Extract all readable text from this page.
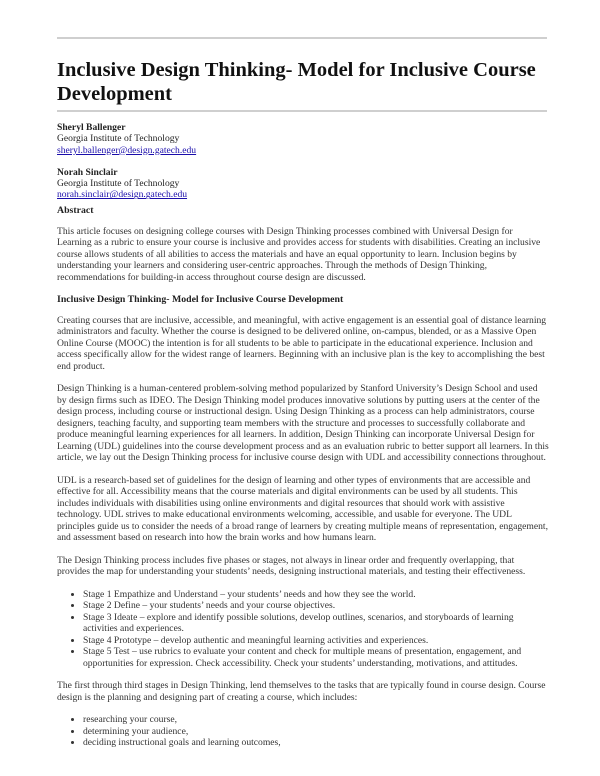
Inclusive Design Thinking- Model for Inclusive Course Development
Sheryl Ballenger
Georgia Institute of Technology
sheryl.ballenger@design.gatech.edu
Norah Sinclair
Georgia Institute of Technology
norah.sinclair@design.gatech.edu
Abstract

This article focuses on designing college courses with Design Thinking processes combined with Universal Design for Learning as a rubric to ensure your course is inclusive and provides access for students with disabilities. Creating an inclusive course allows students of all abilities to access the materials and have an equal opportunity to learn. Inclusion begins by understanding your learners and considering user-centric approaches. Through the methods of Design Thinking, recommendations for building-in access throughout course design are discussed.

Inclusive Design Thinking- Model for Inclusive Course Development

Creating courses that are inclusive, accessible, and meaningful, with active engagement is an essential goal of distance learning administrators and faculty. Whether the course is designed to be delivered online, on-campus, blended, or as a Massive Open Online Course (MOOC) the intention is for all students to be able to participate in the educational experience. Inclusion and access specifically allow for the widest range of learners. Beginning with an inclusive plan is the key to accomplishing the best end product.

Design Thinking is a human-centered problem-solving method popularized by Stanford University’s Design School and used by design firms such as IDEO. The Design Thinking model produces innovative solutions by putting users at the center of the design process, including course or instructional design. Using Design Thinking as a process can help administrators, course designers, teaching faculty, and supporting team members with the structure and processes to successfully collaborate and produce meaningful learning experiences for all learners. In addition, Design Thinking can incorporate Universal Design for Learning (UDL) guidelines into the course development process and as an evaluation rubric to better support all learners. In this article, we lay out the Design Thinking process for inclusive course design with UDL and accessibility connections throughout.

UDL is a research-based set of guidelines for the design of learning and other types of environments that are accessible and effective for all. Accessibility means that the course materials and digital environments can be used by all students. This includes individuals with disabilities using online environments and digital resources that should work with assistive technology. UDL strives to make educational environments welcoming, accessible, and usable for everyone. The UDL principles guide us to consider the needs of a broad range of learners by creating multiple means of representation, engagement, and assessment based on research into how the brain works and how humans learn.

The Design Thinking process includes five phases or stages, not always in linear order and frequently overlapping, that provides the map for understanding your students’ needs, designing instructional materials, and testing their effectiveness.

• Stage 1 Empathize and Understand – your students’ needs and how they see the world.
• Stage 2 Define – your students’ needs and your course objectives.
• Stage 3 Ideate – explore and identify possible solutions, develop outlines, scenarios, and storyboards of learning activities and experiences.
• Stage 4 Prototype – develop authentic and meaningful learning activities and experiences.
• Stage 5 Test – use rubrics to evaluate your content and check for multiple means of presentation, engagement, and opportunities for expression. Check accessibility. Check your students’ understanding, motivations, and attitudes.

The first through third stages in Design Thinking, lend themselves to the tasks that are typically found in course design. Course design is the planning and designing part of creating a course, which includes:

• researching your course,
• determining your audience,
• deciding instructional goals and learning outcomes,
